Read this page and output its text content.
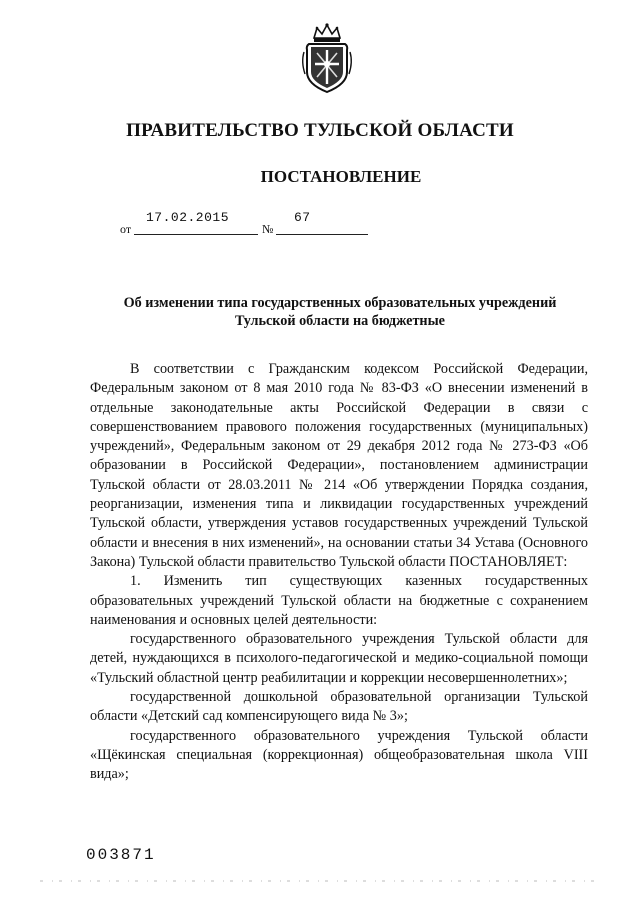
ПРАВИТЕЛЬСТВО ТУЛЬСКОЙ ОБЛАСТИ
ПОСТАНОВЛЕНИЕ
от
17.02.2015
№
67
Об изменении типа государственных образовательных учреждений
Тульской области на бюджетные

В соответствии с Гражданским кодексом Российской Федерации, Федеральным законом от 8 мая 2010 года № 83-ФЗ «О внесении изменений в отдельные законодательные акты Российской Федерации в связи с совершенствованием правового положения государственных (муниципальных) учреждений», Федеральным законом от 29 декабря 2012 года № 273-ФЗ «Об образовании в Российской Федерации», постановлением администрации Тульской области от 28.03.2011 № 214 «Об утверждении Порядка создания, реорганизации, изменения типа и ликвидации государственных учреждений Тульской области, утверждения уставов государственных учреждений Тульской области и внесения в них изменений», на основании статьи 34 Устава (Основного Закона) Тульской области правительство Тульской области ПОСТАНОВЛЯЕТ:

1. Изменить тип существующих казенных государственных образовательных учреждений Тульской области на бюджетные с сохранением наименования и основных целей деятельности:

государственного образовательного учреждения Тульской области для детей, нуждающихся в психолого-педагогической и медико-социальной помощи «Тульский областной центр реабилитации и коррекции несовершеннолетних»;

государственной дошкольной образовательной организации Тульской области «Детский сад компенсирующего вида № 3»;

государственного образовательного учреждения Тульской области «Щёкинская специальная (коррекционная) общеобразовательная школа VIII вида»;

003871
